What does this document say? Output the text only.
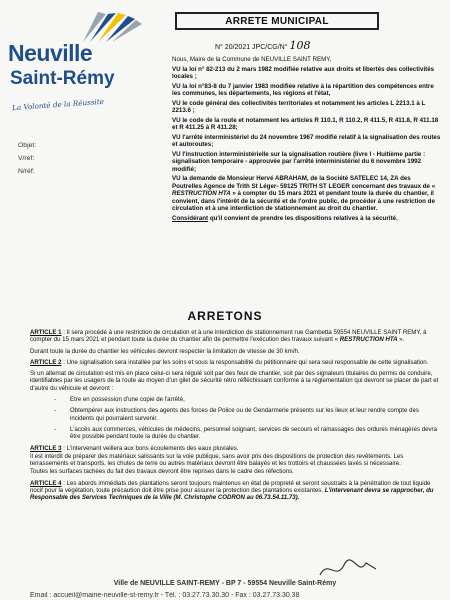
Neuville
Saint-Rémy
La Volonté de la Réussite
Objet:
V/réf:
N/réf:
ARRETE MUNICIPAL
N° 20/2021 JPC/CG/N° 108

Nous, Maire de la Commune de NEUVILLE SAINT REMY,

VU la loi n° 82-213 du 2 mars 1982 modifiée relative aux droits et libertés des collectivités locales ;

VU la loi n°83-8 du 7 janvier 1983 modifiée relative à la répartition des compétences entre les communes, les départements, les régions et l'état,

VU le code général des collectivités territoriales et notamment les articles L 2213.1 à L 2213.6 ;

VU le code de la route et notamment les articles R 110.1, R 110.2, R 411.5, R 411.8, R 411.18 et R 411.25 à R 411.28;

VU l'arrêté interministériel du 24 novembre 1967 modifié relatif à la signalisation des routes et autoroutes;

VU l'instruction interministérielle sur la signalisation routière (livre I - Huitième partie : signalisation temporaire - approuvée par l'arrêté interministériel du 6 novembre 1992 modifié;

VU la demande de Monsieur Hervé ABRAHAM, de la Société SATELEC 14, ZA des Poutrelles Agence de Trith St Léger- 59125 TRITH ST LEGER concernant des travaux de « RESTRUCTION HTA » à compter du 15 mars 2021 et pendant toute la durée du chantier, il convient, dans l'intérêt de la sécurité et de l'ordre public, de procéder à une restriction de circulation et à une interdiction de stationnement au droit du chantier.

Considérant qu'il convient de prendre les dispositions relatives à la sécurité.

ARRETONS

ARTICLE 1 : Il sera procédé à une restriction de circulation et à une interdiction de stationnement rue Gambetta 59554 NEUVILLE SAINT REMY, à compter du 15 mars 2021 et pendant toute la durée du chantier afin de permettre l'exécution des travaux suivant « RESTRUCTION HTA ».

Durant toute la durée du chantier les véhicules devront respecter la limitation de vitesse de 30 km/h.

ARTICLE 2 : Une signalisation sera installée par les soins et sous la responsabilité du pétitionnaire qui sera seul responsable de cette signalisation.

Si un alternat de circulation est mis en place celui-ci sera régulé soit par des feux de chantier, soit par des signaleurs titulaires du permis de conduire, identifiables par les usagers de la route au moyen d'un gilet de sécurité rétro réfléchissant conforme à la réglementation qui devront se placer de part et d'autre du véhicule et devront :

- Etre en possession d'une copie de l'arrêté,
- Obtempérer aux instructions des agents des forces de Police ou de Gendarmerie présents sur les lieux et leur rendre compte des incidents qui pourraient survenir.
- L'accès aux commerces, véhicules de médecins, personnel soignant, services de secours et ramassages des ordures ménagères devra être possible pendant toute la durée du chantier.

ARTICLE 3 : L'intervenant veillera aux bons écoulements des eaux pluviales.

Il est interdit de préparer des matériaux salissants sur la voie publique, sans avoir pris des dispositions de protection des revêtements. Les terrassements et transports, les chutes de terre ou autres matériaux devront être balayés et les trottoirs et chaussées lavés si nécessaire.

Toutes les surfaces tachées du fait des travaux devront être reprises dans le cadre des réfections.

ARTICLE 4 : Les abords immédiats des plantations seront toujours maintenus en état de propreté et seront soustraits à la pénétration de tout liquide nocif pour la végétation, toute précaution doit être prise pour assurer la protection des plantations existantes. L'intervenant devra se rapprocher, du Responsable des Services Techniques de la Ville (M. Christophe CODRON au 06.73.54.11.73).

Ville de NEUVILLE SAINT-REMY - BP 7 - 59554 Neuville Saint-Rémy
Email : accueil@mairie-neuville-st-remy.fr - Tél. : 03.27.73.30.30 - Fax : 03.27.73.30.38
